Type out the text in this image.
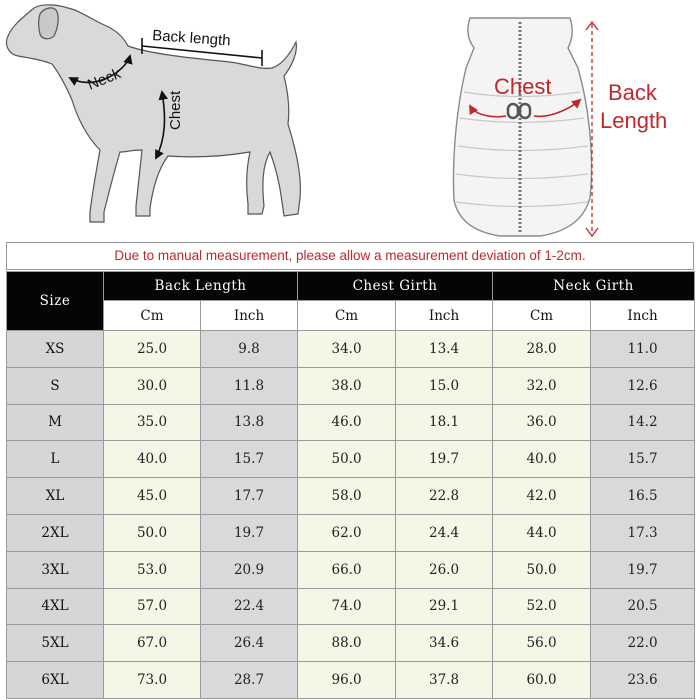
Back length
Neck
Chest
Chest	Back
Length
Due to manual measurement, please allow a measurement deviation of 1-2cm.
Size	Back Length		Chest Girth		Neck Girth	
	Cm	Inch	Cm	Inch	Cm	Inch
XS	25.0	9.8	34.0	13.4	28.0	11.0
S	30.0	11.8	38.0	15.0	32.0	12.6
M	35.0	13.8	46.0	18.1	36.0	14.2
L	40.0	15.7	50.0	19.7	40.0	15.7
XL	45.0	17.7	58.0	22.8	42.0	16.5
2XL	50.0	19.7	62.0	24.4	44.0	17.3
3XL	53.0	20.9	66.0	26.0	50.0	19.7
4XL	57.0	22.4	74.0	29.1	52.0	20.5
5XL	67.0	26.4	88.0	34.6	56.0	22.0
6XL	73.0	28.7	96.0	37.8	60.0	23.6
